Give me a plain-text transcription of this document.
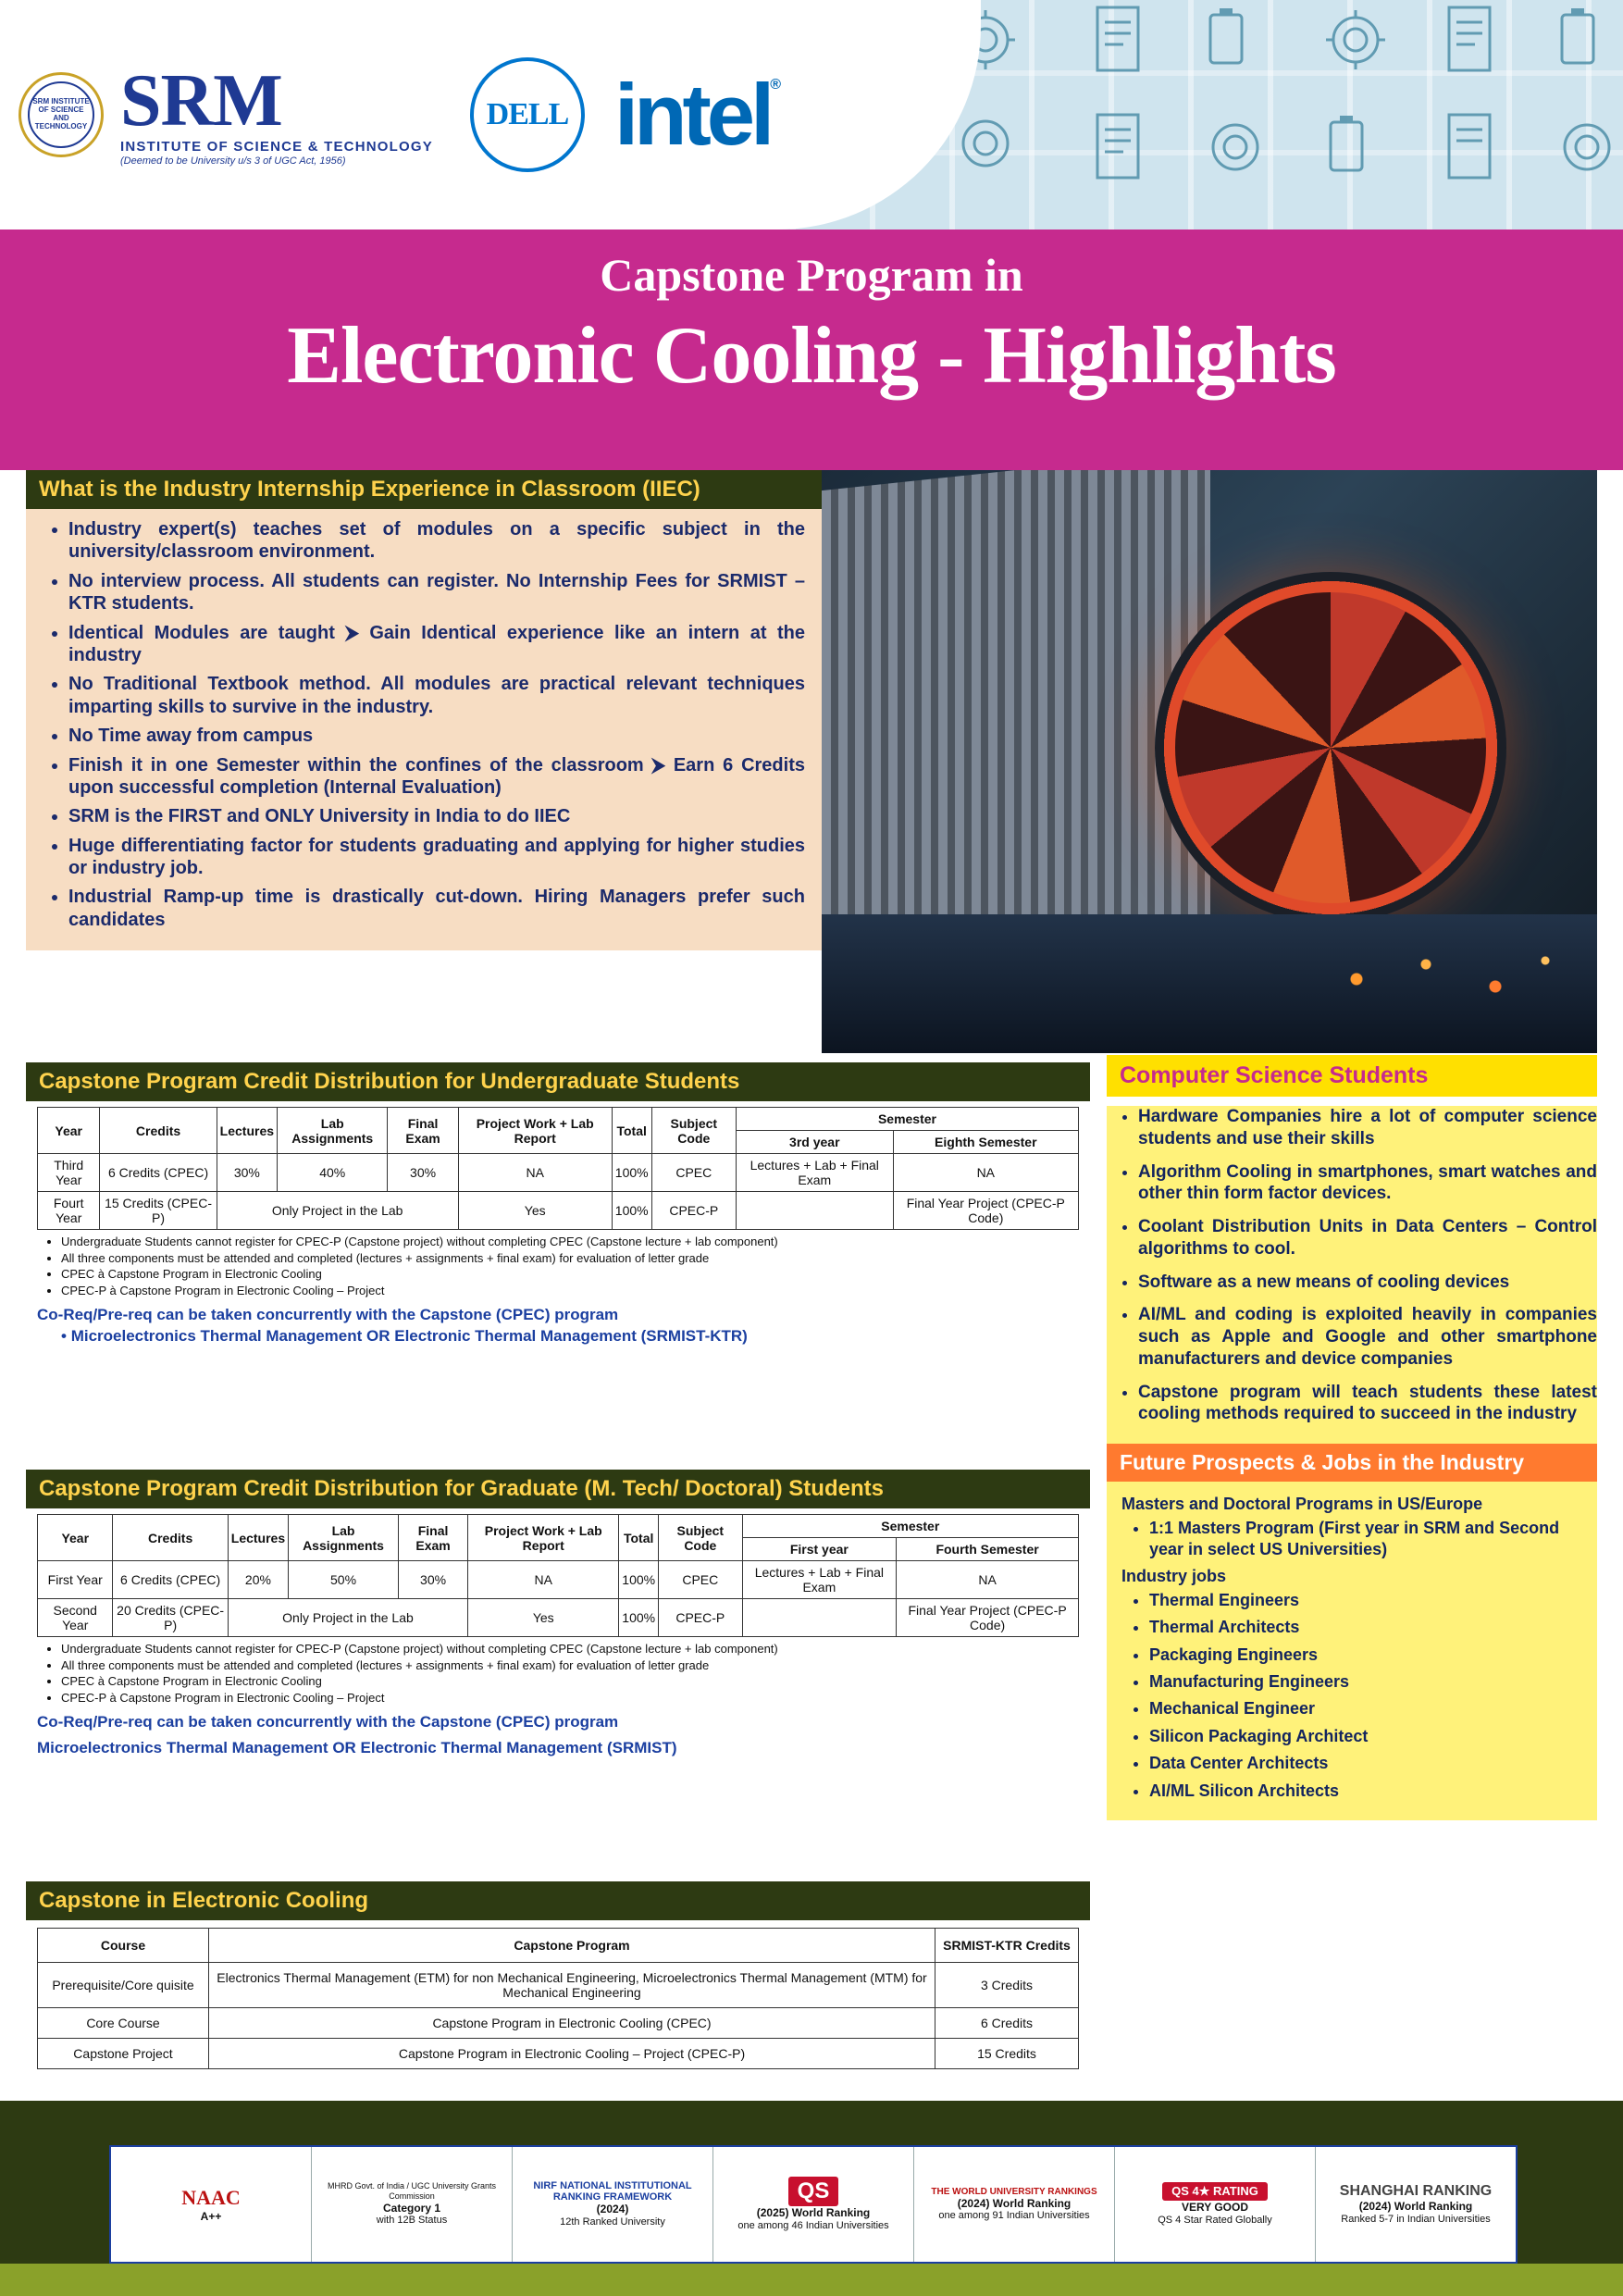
SRM INSTITUTE OF SCIENCE AND TECHNOLOGY SRM
INSTITUTE OF SCIENCE & TECHNOLOGY
(Deemed to be University u/s 3 of UGC Act, 1956)
DELL intel®
Capstone Program in
Electronic Cooling - Highlights
What is the Industry Internship Experience in Classroom (IIEC)
• Industry expert(s) teaches set of modules on a specific subject in the university/classroom environment.
• No interview process. All students can register. No Internship Fees for SRMIST – KTR students.
• Identical Modules are taught ⮞ Gain Identical experience like an intern at the industry
• No Traditional Textbook method. All modules are practical relevant techniques imparting skills to survive in the industry.
• No Time away from campus
• Finish it in one Semester within the confines of the classroom ⮞ Earn 6 Credits upon successful completion (Internal Evaluation)
• SRM is the FIRST and ONLY University in India to do IIEC
• Huge differentiating factor for students graduating and applying for higher studies or industry job.
• Industrial Ramp-up time is drastically cut-down. Hiring Managers prefer such candidates
Capstone Program Credit Distribution for Undergraduate Students
Year	Credits	Lectures	Lab Assignments	Final Exam	Project Work + Lab Report	Total	Subject Code	Semester	
								3rd year	Eighth Semester
Third Year	6 Credits (CPEC)	30%	40%	30%	NA	100%	CPEC	Lectures + Lab + Final Exam	NA
Fourt Year	15 Credits (CPEC-P)	Only Project in the Lab			Yes	100%	CPEC-P		Final Year Project (CPEC-P Code)
• Undergraduate Students cannot register for CPEC-P (Capstone project) without completing CPEC (Capstone lecture + lab component)
• All three components must be attended and completed (lectures + assignments + final exam) for evaluation of letter grade
• CPEC à Capstone Program in Electronic Cooling
• CPEC-P à Capstone Program in Electronic Cooling – Project
Co-Req/Pre-req can be taken concurrently with the Capstone (CPEC) program
• Microelectronics Thermal Management OR Electronic Thermal Management (SRMIST-KTR)
Capstone Program Credit Distribution for Graduate (M. Tech/ Doctoral) Students
Year	Credits	Lectures	Lab Assignments	Final Exam	Project Work + Lab Report	Total	Subject Code	Semester	
								First year	Fourth Semester
First Year	6 Credits (CPEC)	20%	50%	30%	NA	100%	CPEC	Lectures + Lab + Final Exam	NA
Second Year	20 Credits (CPEC-P)	Only Project in the Lab			Yes	100%	CPEC-P		Final Year Project (CPEC-P Code)
• Undergraduate Students cannot register for CPEC-P (Capstone project) without completing CPEC (Capstone lecture + lab component)
• All three components must be attended and completed (lectures + assignments + final exam) for evaluation of letter grade
• CPEC à Capstone Program in Electronic Cooling
• CPEC-P à Capstone Program in Electronic Cooling – Project
Co-Req/Pre-req can be taken concurrently with the Capstone (CPEC) program
Microelectronics Thermal Management OR Electronic Thermal Management (SRMIST)
Capstone in Electronic Cooling
Course	Capstone Program	SRMIST-KTR Credits
Prerequisite/Core quisite	Electronics Thermal Management (ETM) for non Mechanical Engineering, Microelectronics Thermal Management (MTM) for Mechanical Engineering	3 Credits
Core Course	Capstone Program in Electronic Cooling (CPEC)	6 Credits
Capstone Project	Capstone Program in Electronic Cooling – Project (CPEC-P)	15 Credits
Computer Science Students
• Hardware Companies hire a lot of computer science students and use their skills
• Algorithm Cooling in smartphones, smart watches and other thin form factor devices.
• Coolant Distribution Units in Data Centers – Control algorithms to cool.
• Software as a new means of cooling devices
• AI/ML and coding is exploited heavily in companies such as Apple and Google and other smartphone manufacturers and device companies
• Capstone program will teach students these latest cooling methods required to succeed in the industry
Future Prospects & Jobs in the Industry
Masters and Doctoral Programs in US/Europe
• 1:1 Masters Program (First year in SRM and Second year in select US Universities)
Industry jobs
• Thermal Engineers
• Thermal Architects
• Packaging Engineers
• Manufacturing Engineers
• Mechanical Engineer
• Silicon Packaging Architect
• Data Center Architects
• AI/ML Silicon Architects
NAAC
A++
MHRD Govt. of India / UGC University Grants Commission
Category 1
with 12B Status
NIRF NATIONAL INSTITUTIONAL RANKING FRAMEWORK
(2024)
12th Ranked University
QS
(2025) World Ranking
one among 46 Indian Universities
THE WORLD UNIVERSITY RANKINGS
(2024) World Ranking
one among 91 Indian Universities
QS 4★ RATING
VERY GOOD
QS 4 Star Rated Globally
SHANGHAI RANKING
(2024) World Ranking
Ranked 5-7 in Indian Universities
